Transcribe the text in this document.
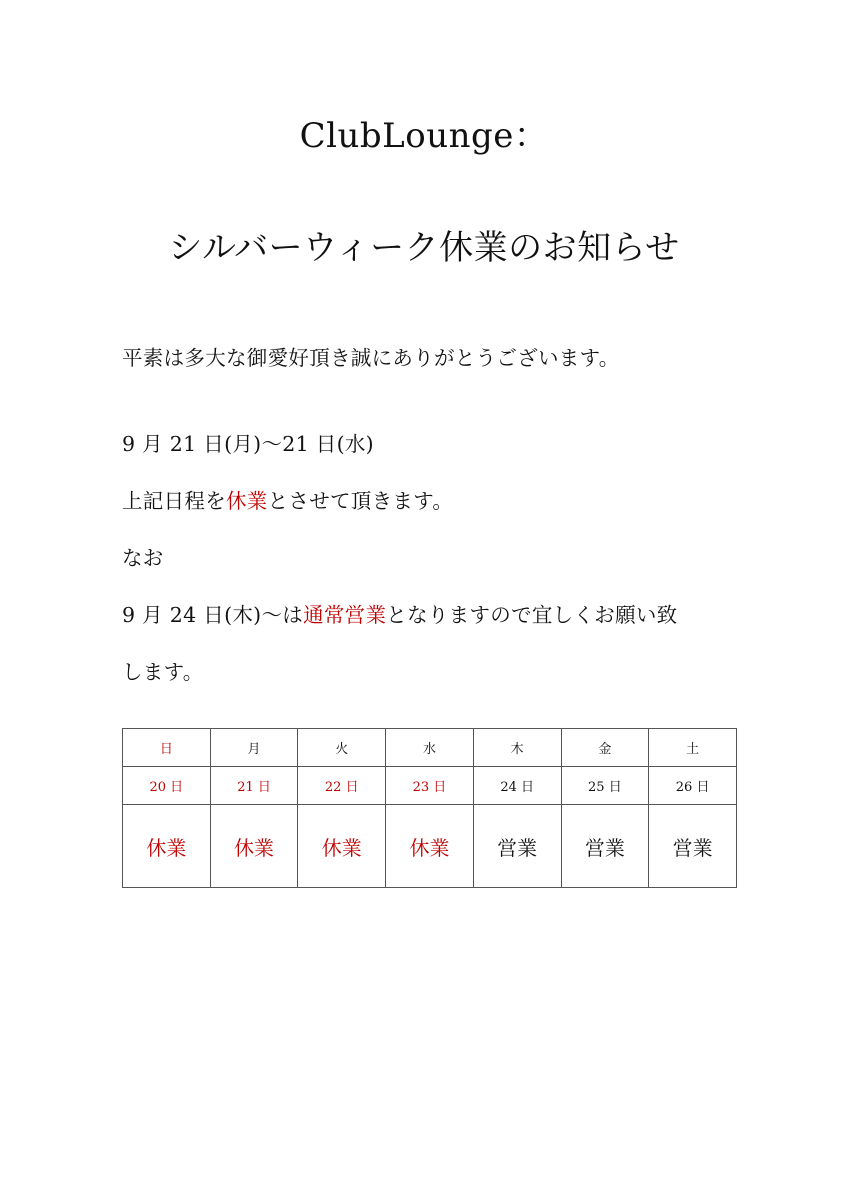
ClubLounge：
シルバーウィーク休業のお知らせ
平素は多大な御愛好頂き誠にありがとうございます。
9 月 21 日(月)〜21 日(水)
上記日程を休業とさせて頂きます。
なお
9 月 24 日(木)〜は通常営業となりますので宜しくお願い致
します。
日	月	火	水	木	金	土
20 日	21 日	22 日	23 日	24 日	25 日	26 日
休業	休業	休業	休業	営業	営業	営業
